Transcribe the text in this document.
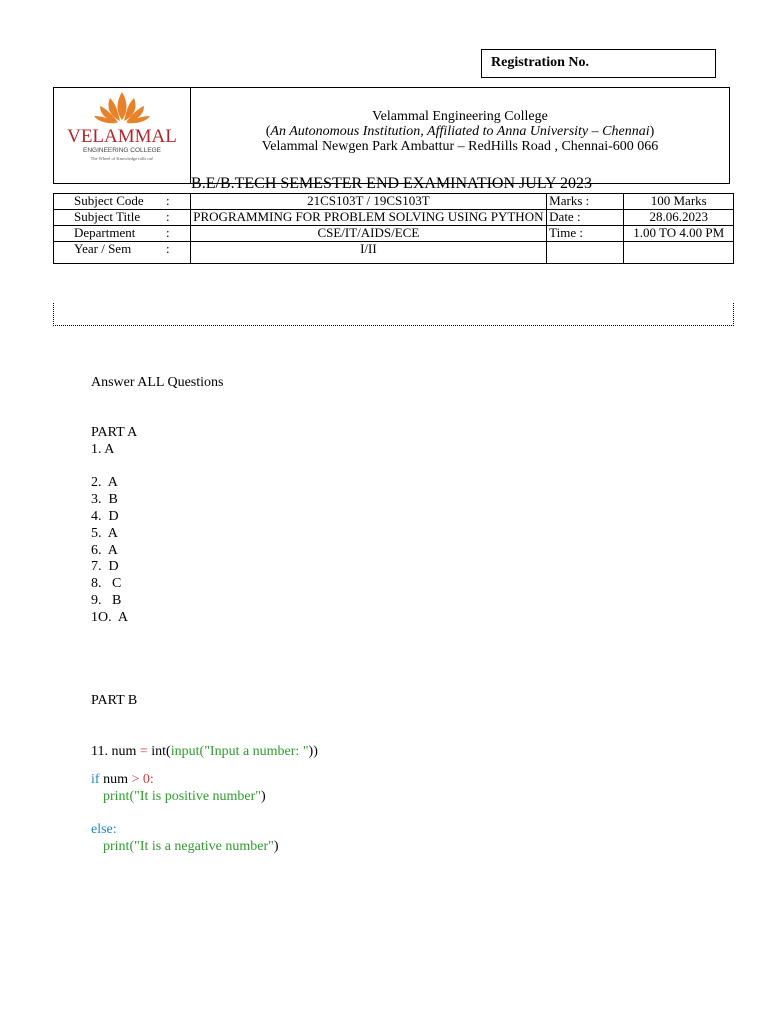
Registration No.
VELAMMAL
ENGINEERING COLLEGE
The Wheel of Knowledge rolls on!
Velammal Engineering College
(An Autonomous Institution, Affiliated to Anna University – Chennai)
Velammal Newgen Park Ambattur – RedHills Road , Chennai-600 066
B.E/B.TECH SEMESTER END EXAMINATION JULY 2023
Subject Code :	21CS103T / 19CS103T	Marks :	100 Marks
Subject Title :	PROGRAMMING FOR PROBLEM SOLVING USING PYTHON	Date :	28.06.2023
Department :	CSE/IT/AIDS/ECE	Time :	1.00 TO 4.00 PM
Year / Sem :	I/II		
Answer ALL Questions
PART A
1. A
2.  A
3.  B
4.  D
5.  A
6.  A
7.  D
8.   C
9.   B
1O.  A
PART B
11. num = int(input("Input a number: "))
if num > 0:
print("It is positive number")
else:
print("It is a negative number")
